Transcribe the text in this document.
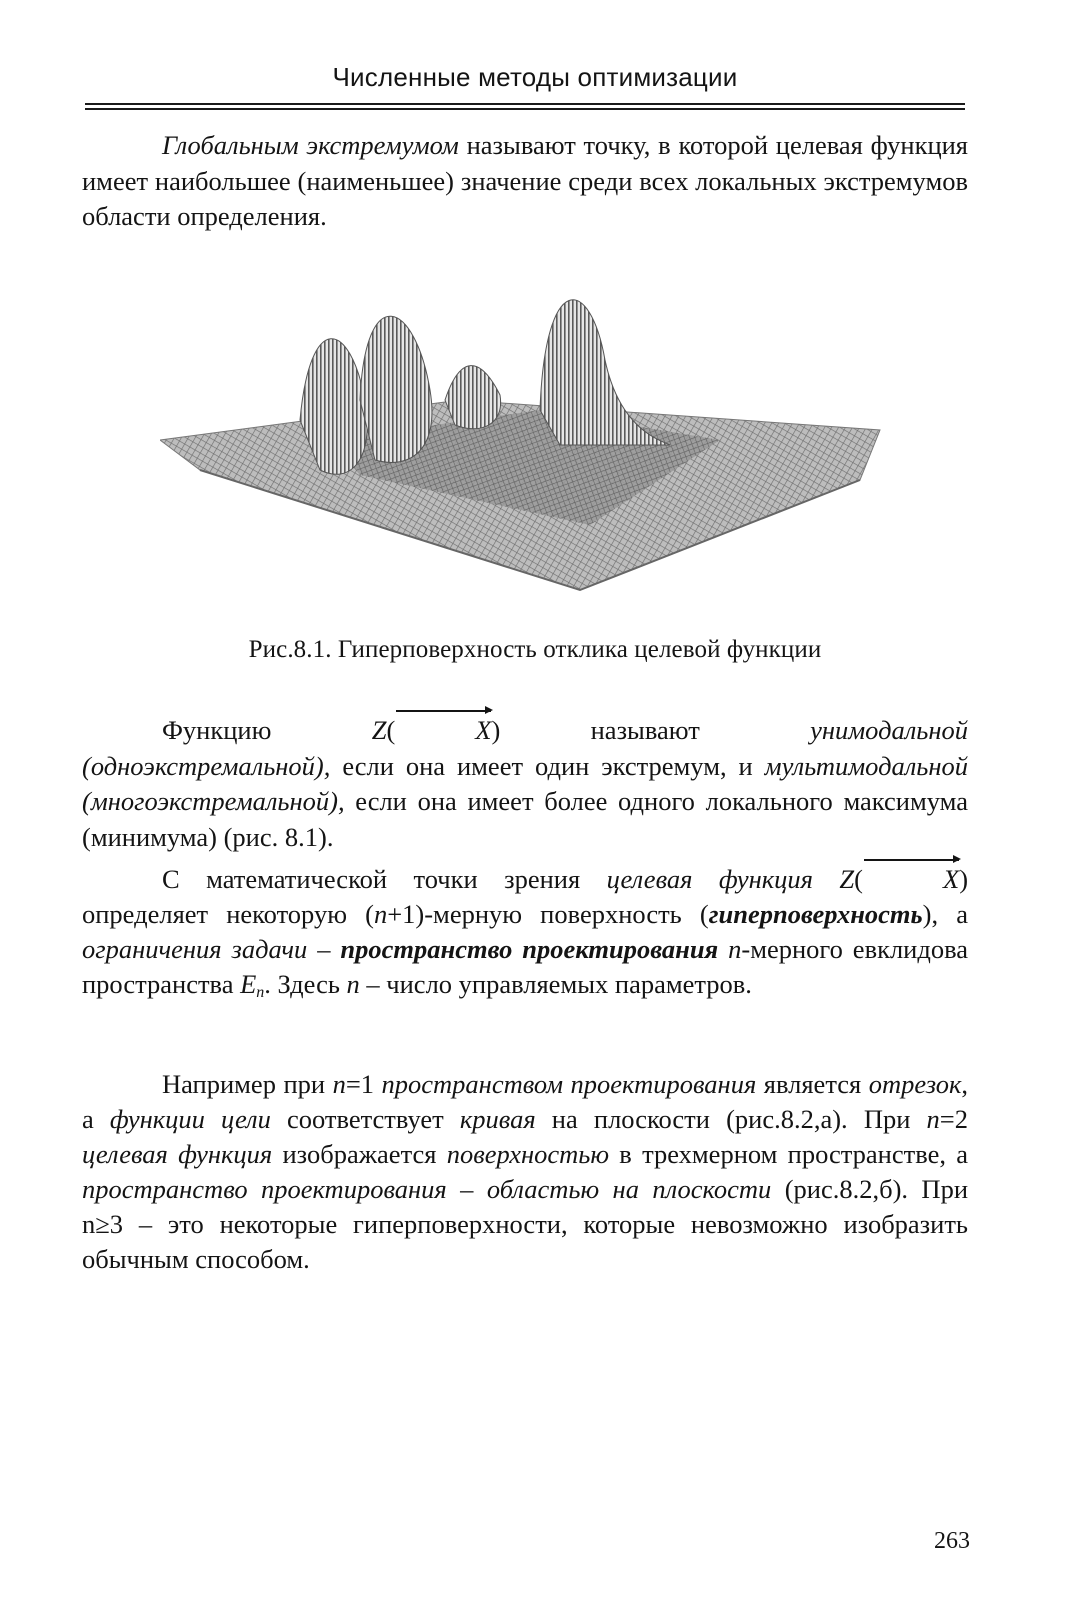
Численные методы оптимизации

Глобальным экстремумом называют точку, в которой целевая функция имеет наибольшее (наименьшее) значение среди всех локальных экстремумов области определения.

Рис.8.1. Гиперповерхность отклика целевой функции

Функцию	Z(	X) называют	унимодальной (одноэкстремальной), если она имеет один экстремум, и мультимодальной (многоэкстремальной), если она имеет более одного локального максимума (минимума) (рис. 8.1).

С математической точки зрения целевая функция Z(	X) определяет некоторую (n+1)-мерную поверхность (гиперповерхность), а ограничения задачи – пространство проектирования n-мерного евклидова пространства $E_n$. Здесь n – число управляемых параметров.

Например при n=1 пространством проектирования является отрезок, а функции цели соответствует кривая на плоскости (рис.8.2,а). При n=2 целевая функция изображается поверхностью в трехмерном пространстве, а пространство проектирования – областью на плоскости (рис.8.2,б). При n≥3 – это некоторые гиперповерхности, которые невозможно изобразить обычным способом.

263
